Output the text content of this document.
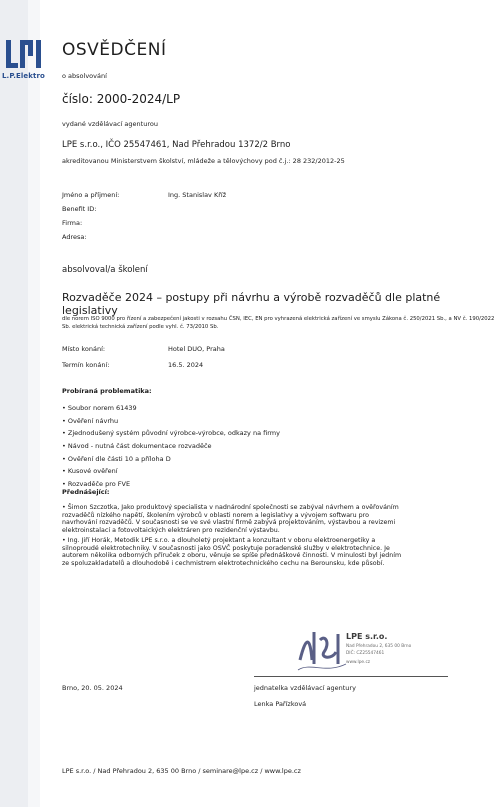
L.P.Elektro
OSVĚDČENÍ
o absolvování
číslo: 2000-2024/LP
vydané vzdělávací agenturou
LPE s.r.o., IČO 25547461, Nad Přehradou 1372/2 Brno
akreditovanou Ministerstvem školství, mládeže a tělovýchovy pod č.j.: 28 232/2012-25
Jméno a příjmení:	Ing. Stanislav Kříž
Benefit ID:
Firma:
Adresa:
absolvoval/a školení
Rozvaděče 2024 – postupy při návrhu a výrobě rozvaděčů dle platné legislativy
dle norem ISO 9000 pro řízení a zabezpečení jakosti v rozsahu ČSN, IEC, EN pro vyhrazená elektrická zařízení ve smyslu Zákona č. 250/2021 Sb., a NV č. 190/2022 Sb. elektrická technická zařízení podle vyhl. č. 73/2010 Sb.
Místo konání:	Hotel DUO, Praha
Termín konání:	16.5. 2024
Probíraná problematika:
• Soubor norem 61439
• Ověření návrhu
• Zjednodušený systém původní výrobce-výrobce, odkazy na firmy
• Návod - nutná část dokumentace rozvaděče
• Ověření dle části 10 a příloha D
• Kusové ověření
• Rozvaděče pro FVE
Přednášející:
• Šimon Szczotka, Jako produktový specialista v nadnárodní společnosti se zabýval návrhem a ověřováním rozvaděčů nízkého napětí, školením výrobců v oblasti norem a legislativy a vývojem softwaru pro navrhování rozvaděčů. V současnosti se ve své vlastní firmě zabývá projektováním, výstavbou a revizemi elektroinstalací a fotovoltaických elektráren pro rezidenční výstavbu.
• Ing. Jiří Horák, Metodik LPE s.r.o. a dlouholetý projektant a konzultant v oboru elektroenergetiky a silnoproudé elektrotechniky. V současnosti jako OSVČ poskytuje poradenské služby v elektrotechnice. Je autorem několika odborných příruček z oboru, věnuje se spíše přednáškové činnosti. V minulosti byl jedním ze spoluzakladatelů a dlouhodobě i cechmistrem elektrotechnického cechu na Berounsku, kde působí.
LPE s.r.o.
Nad Přehradou 2, 635 00 Brno
DIČ: CZ25547461
www.lpe.cz
Brno, 20. 05. 2024	jednatelka vzdělávací agentury
Lenka Pařízková
LPE s.r.o. / Nad Přehradou 2, 635 00 Brno / seminare@lpe.cz / www.lpe.cz
